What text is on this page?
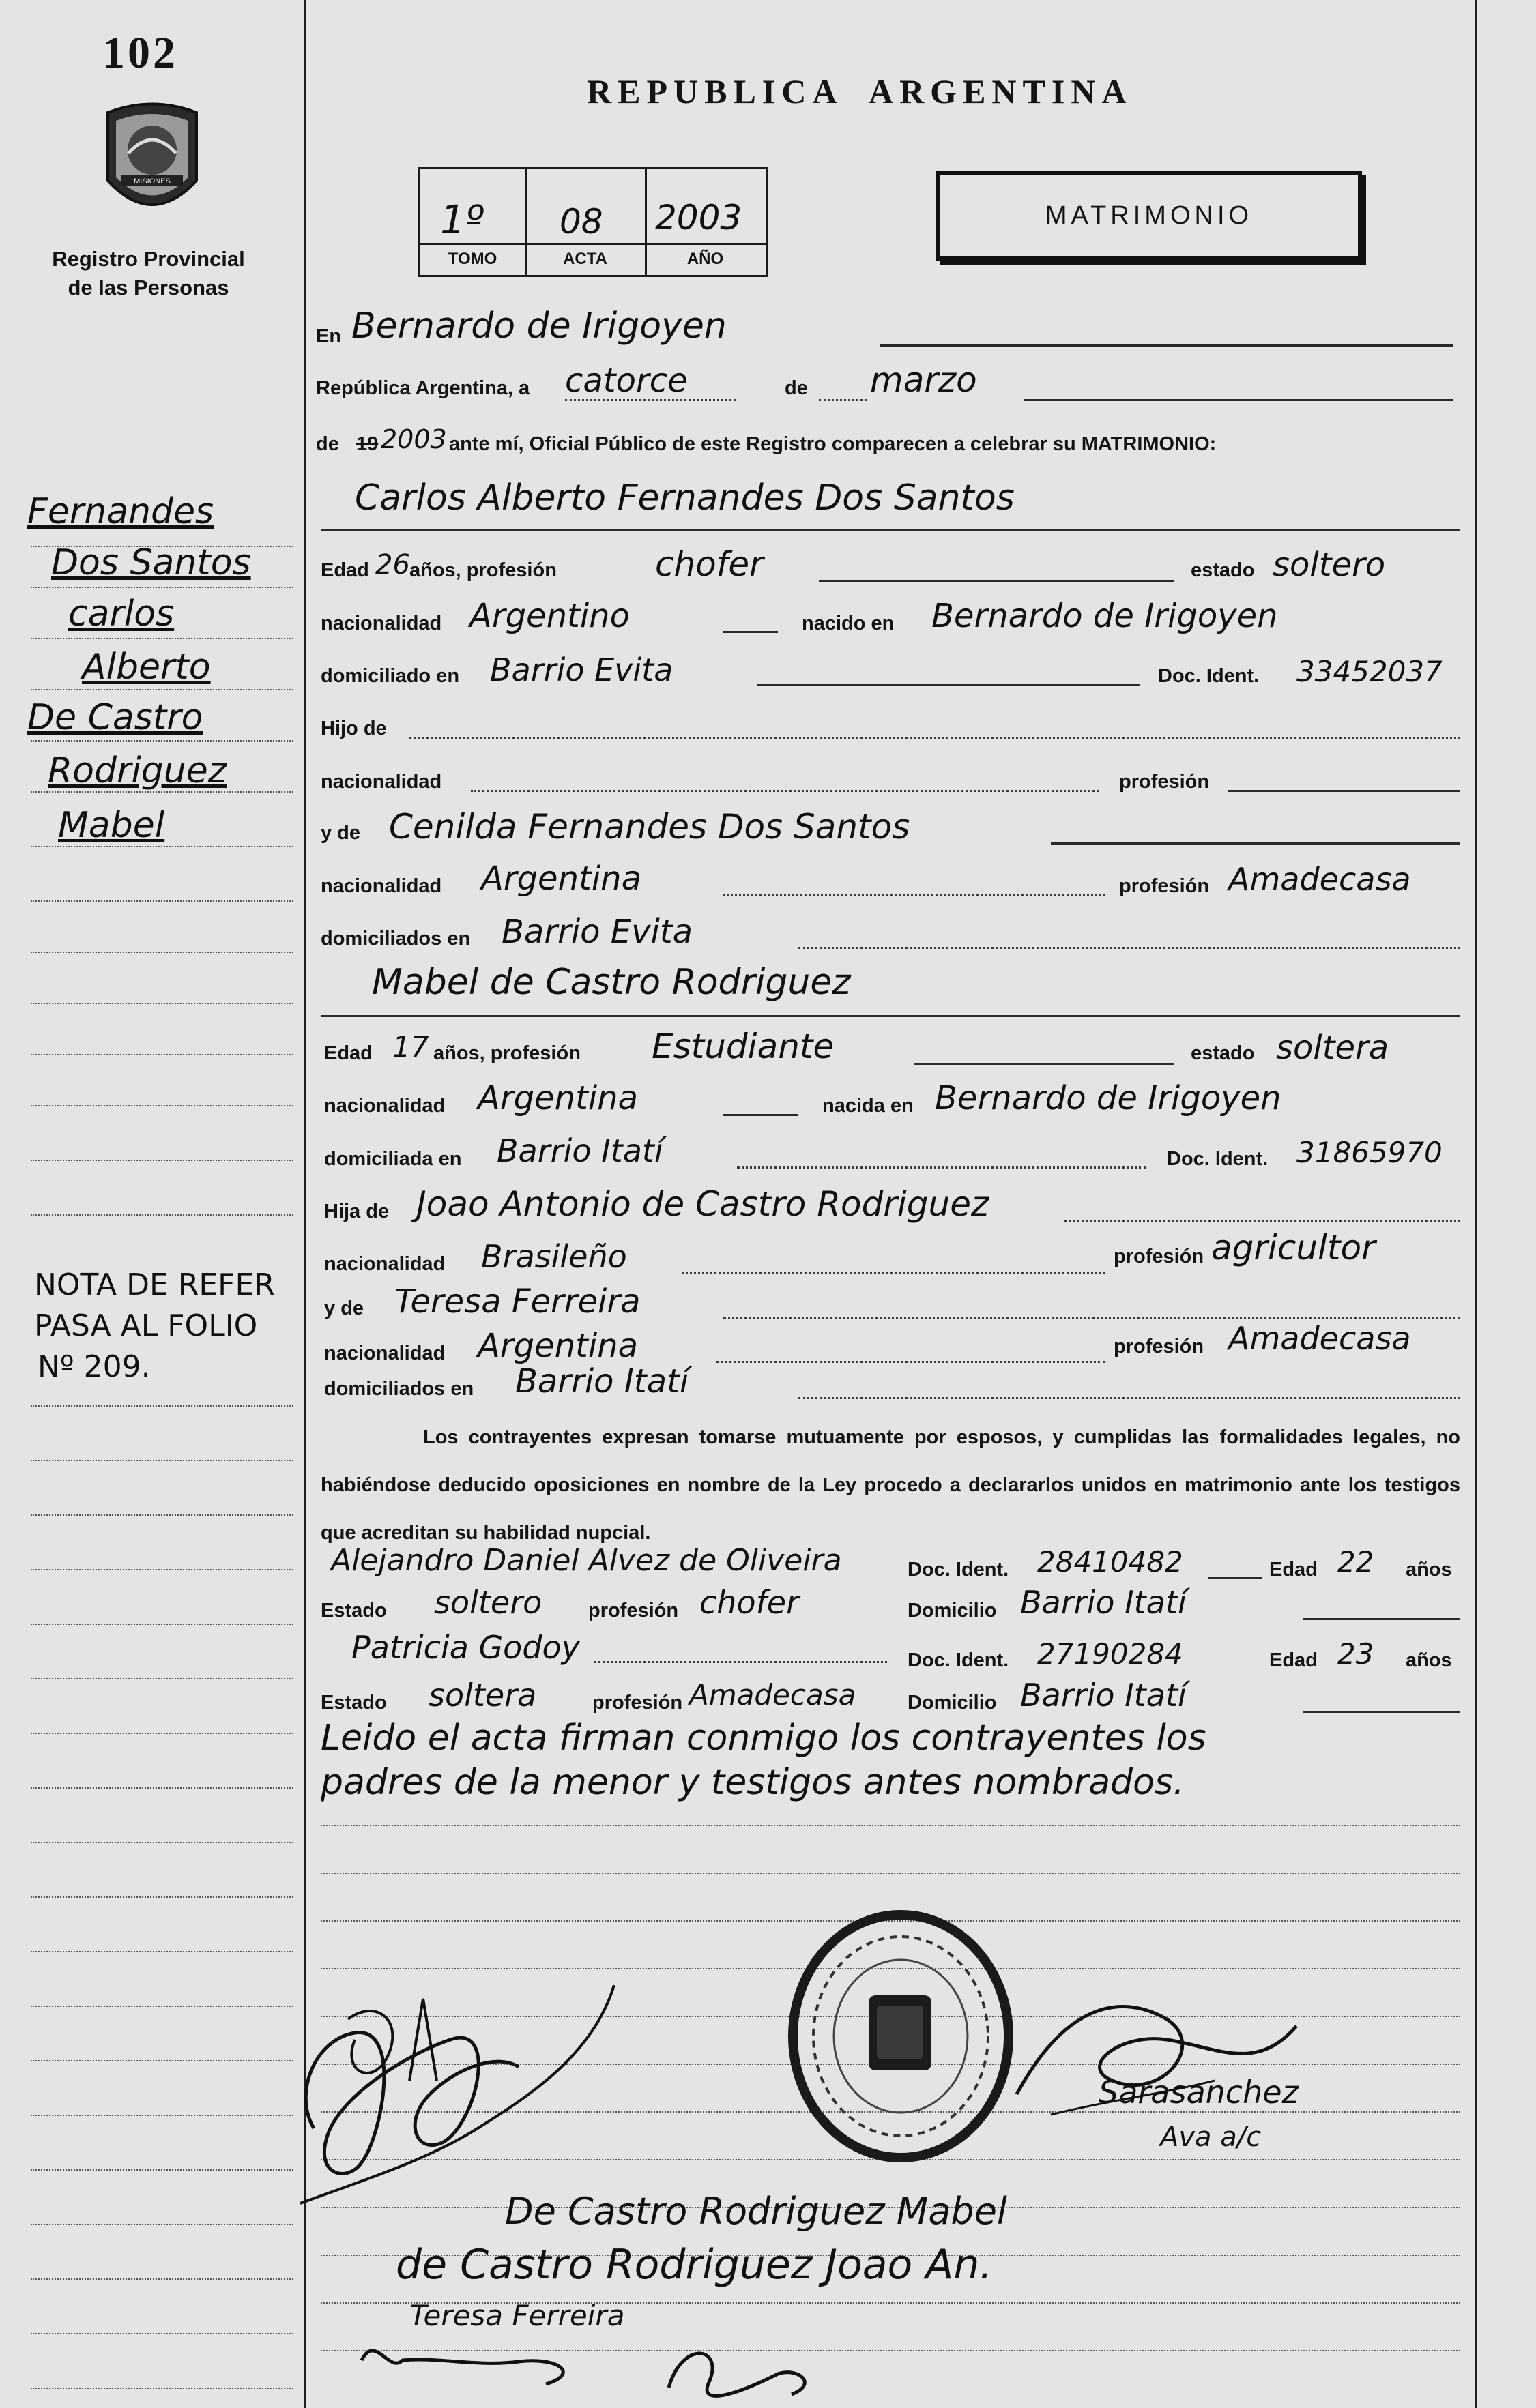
102
MISIONES
Registro Provincial
de las Personas
REPUBLICA  ARGENTINA
1º 08 2003
TOMO	ACTA	AÑO
MATRIMONIO
En Bernardo de Irigoyen
República Argentina, a catorce	de marzo
de 19 2003 ante mí, Oficial Público de este Registro comparecen a celebrar su MATRIMONIO:
Carlos Alberto Fernandes Dos Santos
Edad 26 años, profesión	chofer	estado soltero
nacionalidad Argentino	nacido en Bernardo de Irigoyen
domiciliado en Barrio Evita	Doc. Ident. 33452037
Hijo de
nacionalidad	profesión
y de Cenilda Fernandes Dos Santos
nacionalidad Argentina	profesión Amadecasa
domiciliados en Barrio Evita
Mabel de Castro Rodriguez
Edad 17 años, profesión Estudiante	estado soltera
nacionalidad Argentina	nacida en Bernardo de Irigoyen
domiciliada en Barrio Itatí	Doc. Ident. 31865970
Hija de Joao Antonio de Castro Rodriguez
nacionalidad Brasileño	profesión agricultor
y de Teresa Ferreira
nacionalidad Argentina	profesión Amadecasa
domiciliados en Barrio Itatí
Los contrayentes expresan tomarse mutuamente por esposos, y cumplidas las formalidades legales, no habiéndose deducido oposiciones en nombre de la Ley procedo a declararlos unidos en matrimonio ante los testigos que acreditan su habilidad nupcial.
Alejandro Daniel Alvez de Oliveira	Doc. Ident. 28410482	Edad 22 años
Estado soltero profesión chofer	Domicilio Barrio Itatí
Patricia Godoy	Doc. Ident. 27190284	Edad 23 años
Estado soltera	profesión Amadecasa	Domicilio Barrio Itatí
Leido el acta firman conmigo los contrayentes los
padres de la menor y testigos antes nombrados.
Sarasanchez
Ava a/c
De Castro Rodriguez Mabel
de Castro Rodriguez Joao An.
Teresa Ferreira
Fernandes
Dos Santos
carlos
Alberto
De Castro
Rodriguez
Mabel
NOTA DE REFER
PASA AL FOLIO
Nº 209.
